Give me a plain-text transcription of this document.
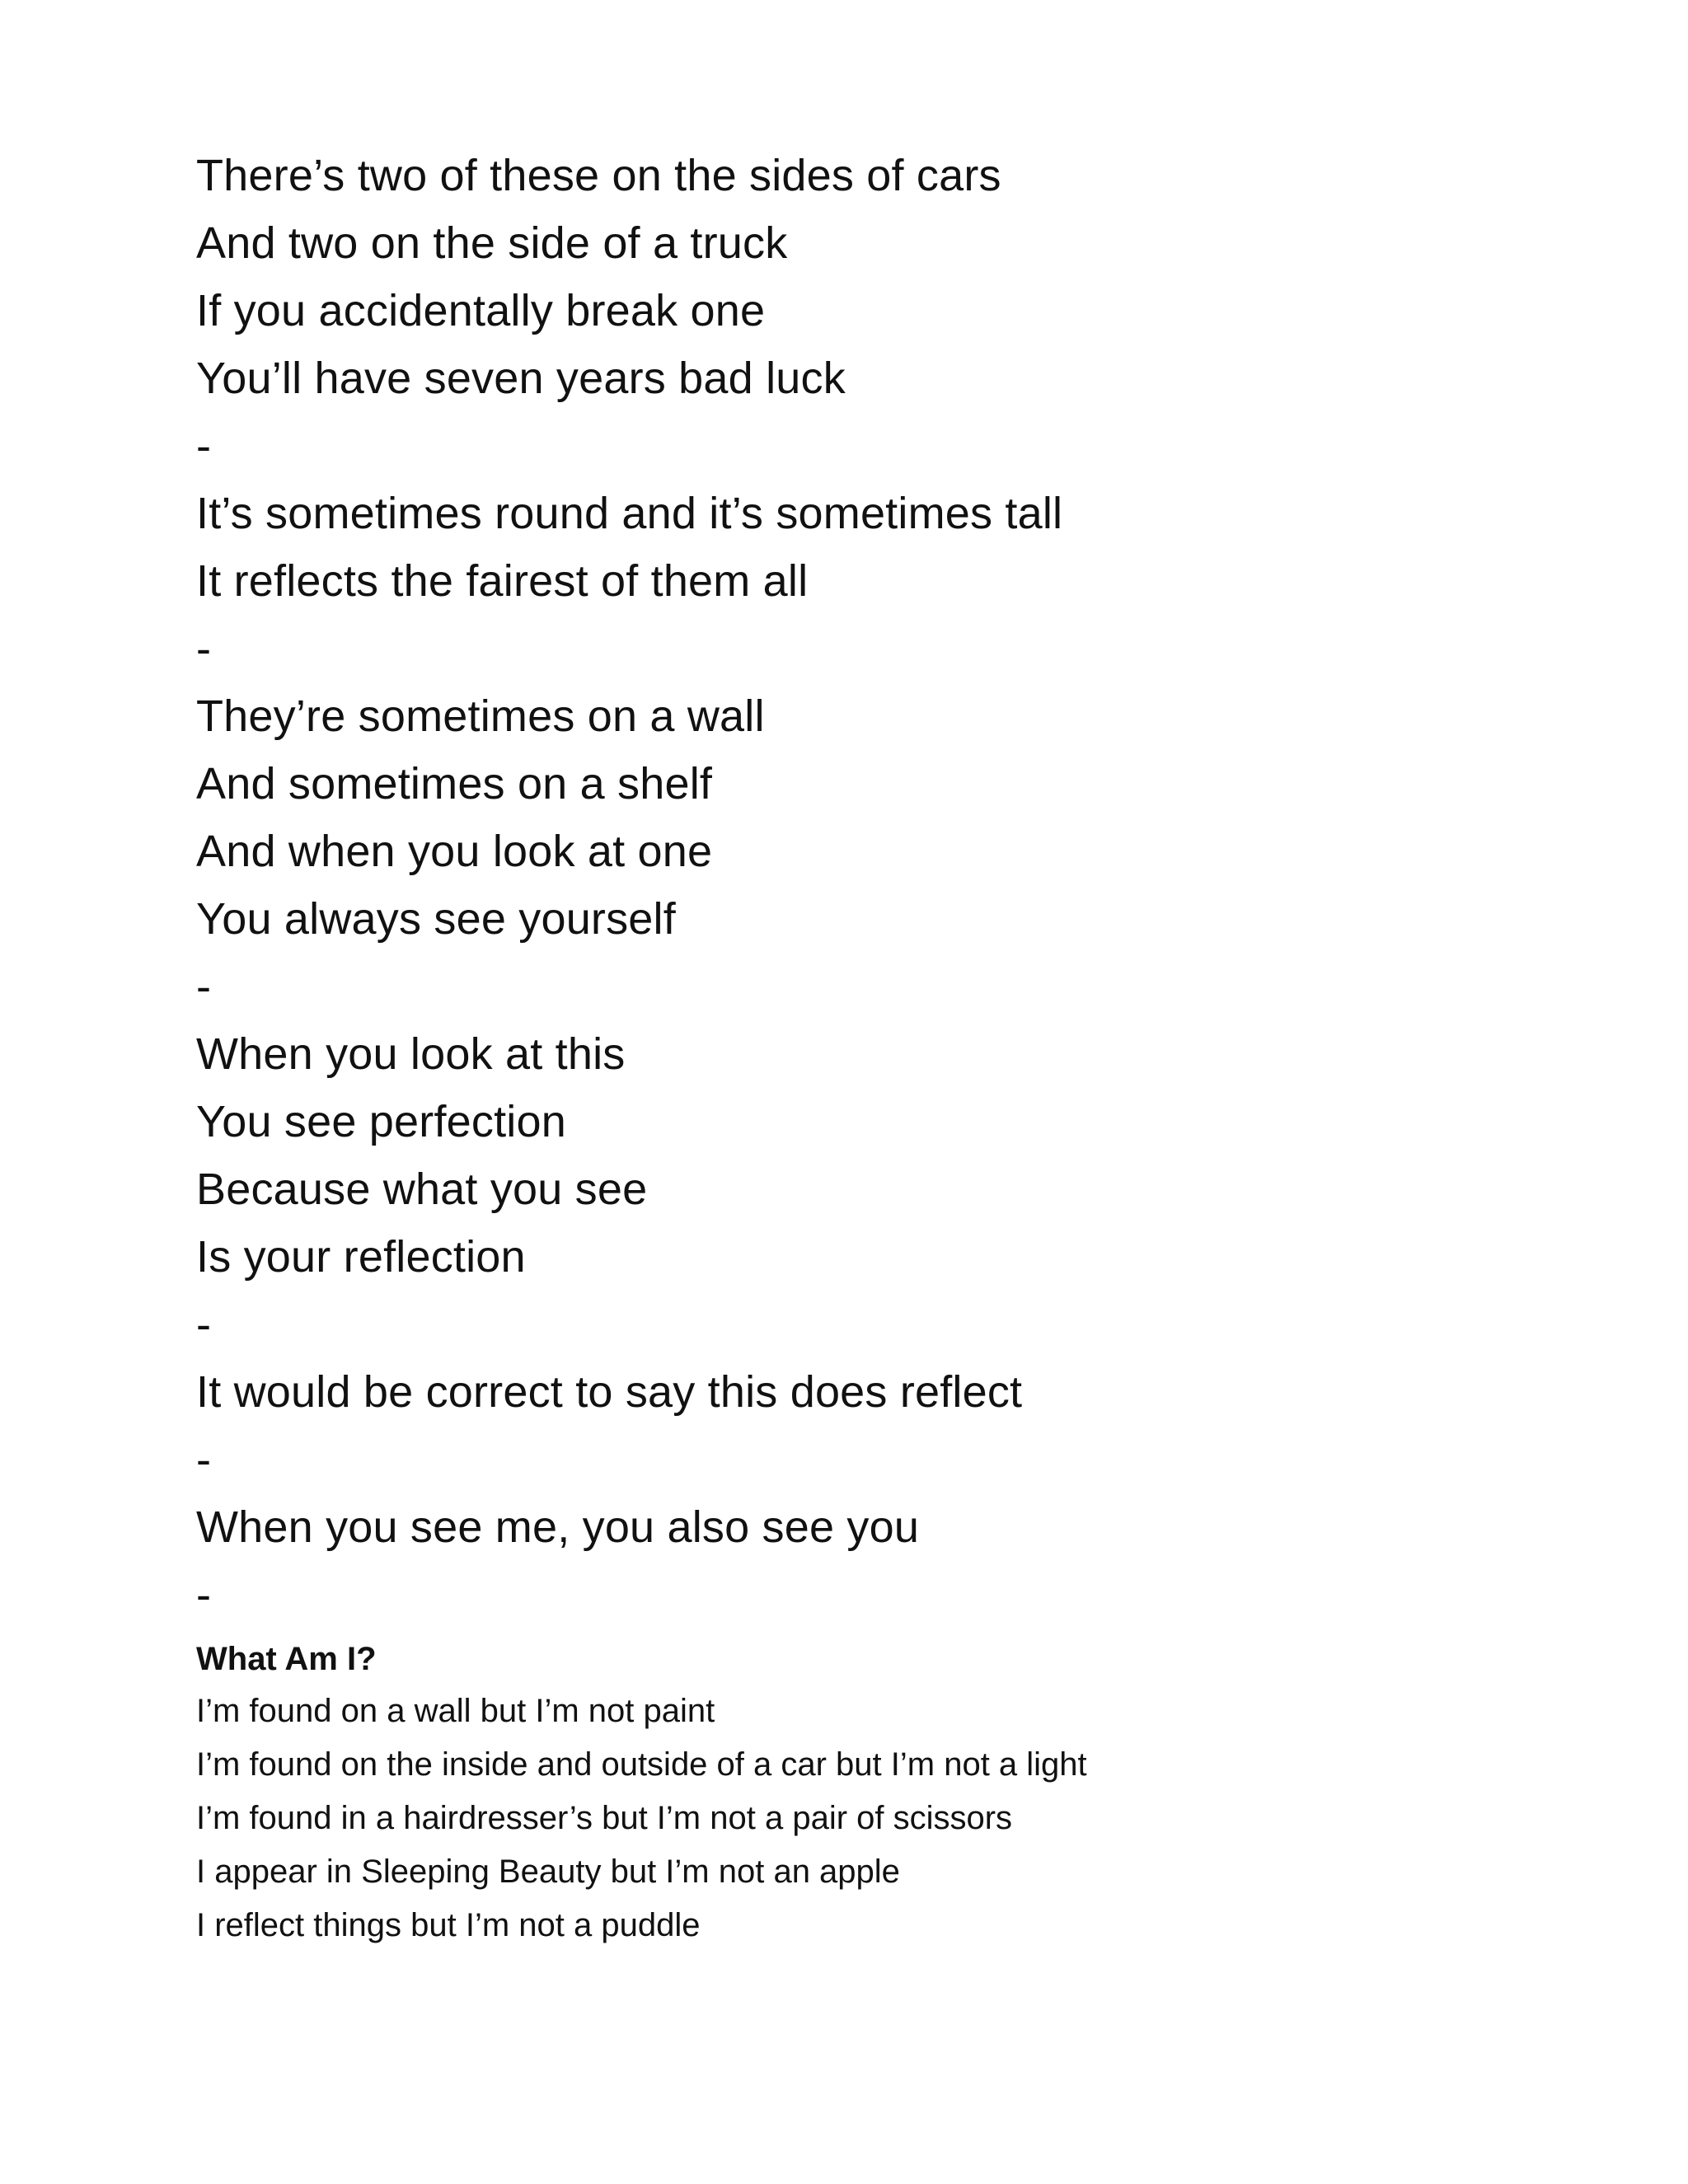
There’s two of these on the sides of cars
And two on the side of a truck
If you accidentally break one
You’ll have seven years bad luck
-
It’s sometimes round and it’s sometimes tall
It reflects the fairest of them all
-
They’re sometimes on a wall
And sometimes on a shelf
And when you look at one
You always see yourself
-
When you look at this
You see perfection
Because what you see
Is your reflection
-
It would be correct to say this does reflect
-
When you see me, you also see you
-
What Am I?
I’m found on a wall but I’m not paint
I’m found on the inside and outside of a car but I’m not a light
I’m found in a hairdresser’s but I’m not a pair of scissors
I appear in Sleeping Beauty but I’m not an apple
I reflect things but I’m not a puddle
